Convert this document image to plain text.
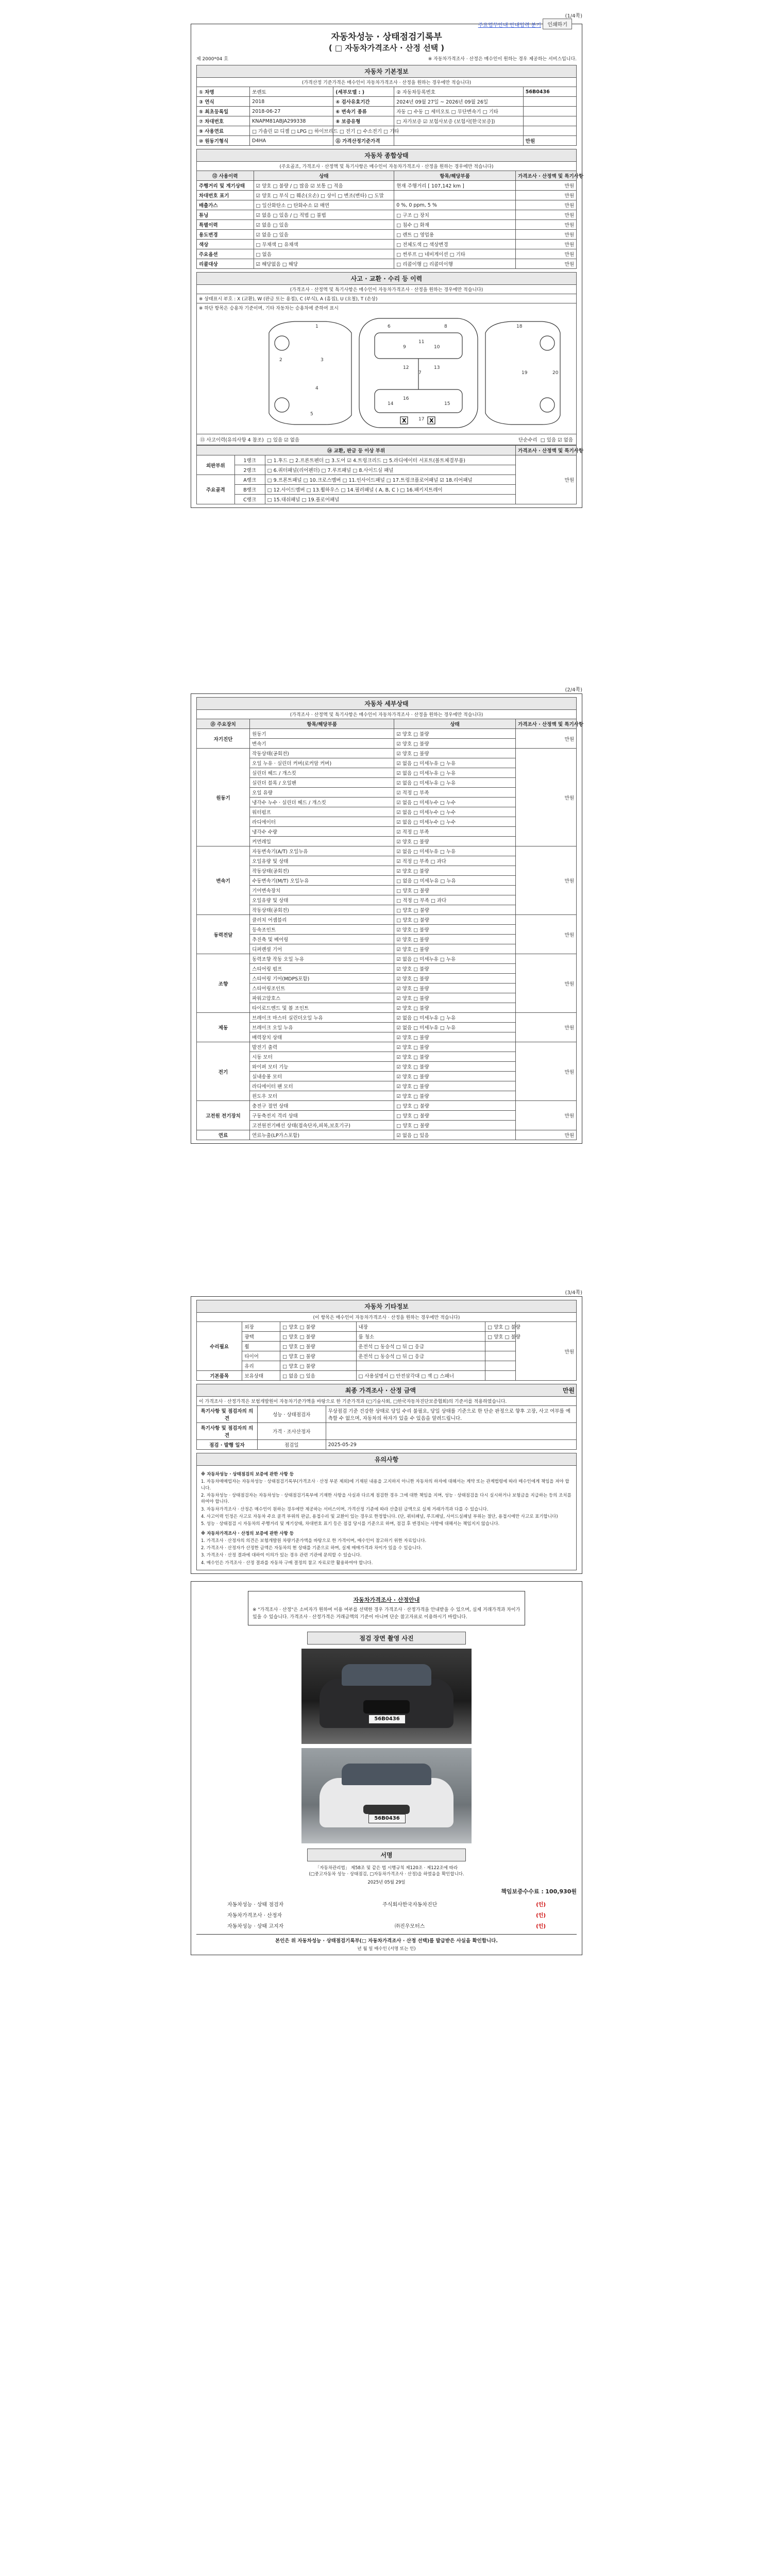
주요업무안내 안내입력 분기	인쇄하기
(1/4쪽)
자동차성능 · 상태점검기록부
( □ 자동차가격조사 · 산정 선택 )
제 2000*04 호	※ 자동차가격조사 · 산정은 매수인이 원하는 경우 제공하는 서비스입니다.
자동차 기본정보
(가격산정 기준가격은 매수인이 자동차가격조사 · 산정을 원하는 경우에만 적습니다)
① 차명	쏘렌토	(세부모델 : )	② 자동차등록번호	56B0436
③ 연식	2018	④ 검사유효기간	2024년 09월 27일 ~ 2026년 09월 26일	
⑤ 최초등록일	2018-06-27	⑥ 변속기 종류	자동 □ 수동 □ 세미오토 □ 무단변속기 □ 기타	
⑦ 차대번호	KNAPM81ABJA299338	⑧ 보증유형	□ 자가보증 ☑ 보험사보증 (보험사[한국보증])	
⑨ 사용연료	□ 가솔린 ☑ 디젤 □ LPG □ 하이브리드 □ 전기 □ 수소전기 □ 기타			
⑩ 원동기형식	D4HA	⑪ 가격산정기준가격		만원
자동차 종합상태
(주요골조, 가격조사 · 산정액 및 특기사항은 매수인이 자동차가격조사 · 산정을 원하는 경우에만 적습니다)
⑫ 사용이력	상태	항목/해당부품	가격조사 · 산정액 및 특기사항
주행거리 및 계기상태	☑ 양호 □ 불량 / □ 많음 ☑ 보통 □ 적음	현재 주행거리 [ 107,142 km ]	만원
차대번호 표기	☑ 양호 □ 부식 □ 훼손(오손) □ 상이 □ 변조(변타) □ 도말		만원
배출가스	□ 일산화탄소 □ 탄화수소 ☑ 매연	0 %, 0 ppm, 5 %	만원
튜닝	☑ 없음 □ 있음 / □ 적법 □ 불법	□ 구조 □ 장치	만원
특별이력	☑ 없음 □ 있음	□ 침수 □ 화재	만원
용도변경	☑ 없음 □ 있음	□ 렌트 □ 영업용	만원
색상	□ 무채색 □ 유채색	□ 전체도색 □ 색상변경	만원
주요옵션	□ 없음	□ 썬루프 □ 네비게이션 □ 기타	만원
리콜대상	☑ 해당없음 □ 해당	□ 리콜이행 □ 리콜미이행	만원
사고 · 교환 · 수리 등 이력
(가격조사 · 산정액 및 특기사항은 매수인이 자동차가격조사 · 산정을 원하는 경우에만 적습니다)
※ 상태표시 부호 : X (교환), W (판금 또는 용접), C (부식), A (흠집), U (요철), T (손상)
※ 하단 항목은 승용차 기준이며, 기타 자동차는 승용차에 준하여 표시
1
2	3
4
5
6
7
8
9	10
11
12	13
14	15
16
17
18
19	20
X	X
⑬ 사고이력(유의사항 4 참조) □ 있음 ☑ 없음	단순수리 □ 있음 ☑ 없음
⑭ 교환, 판금 등 이상 부위			가격조사 · 산정액 및 특기사항
외판부위	1랭크	□ 1.후드 □ 2.프론트펜더 □ 3.도어 ☑ 4.트렁크리드 □ 5.라디에이터 서포트(볼트체결부품)	만원
	2랭크	□ 6.쿼터패널(리어펜더) □ 7.루프패널 □ 8.사이드실 패널	
주요골격	A랭크	□ 9.프론트패널 □ 10.크로스멤버 □ 11.인사이드패널 □ 17.트렁크플로어패널 ☑ 18.리어패널	
	B랭크	□ 12.사이드멤버 □ 13.휠하우스 □ 14.필러패널 ( A, B, C ) □ 16.패키지트레이	
	C랭크	□ 15.대쉬패널 □ 19.플로어패널	
(2/4쪽)
자동차 세부상태
(가격조사 · 산정액 및 특기사항은 매수인이 자동차가격조사 · 산정을 원하는 경우에만 적습니다)
⑮ 주요장치	항목/해당부품	상태	가격조사 · 산정액 및 특기사항
자기진단	원동기	☑ 양호 □ 불량	만원
	변속기	☑ 양호 □ 불량	
원동기	작동상태(공회전)	☑ 양호 □ 불량	만원
	오일 누유 · 실린더 커버(로커암 커버)	☑ 없음 □ 미세누유 □ 누유	
	실린더 헤드 / 개스킷	☑ 없음 □ 미세누유 □ 누유	
	실린더 블록 / 오일팬	☑ 없음 □ 미세누유 □ 누유	
	오일 유량	☑ 적정 □ 부족	
	냉각수 누수 · 실린더 헤드 / 개스킷	☑ 없음 □ 미세누수 □ 누수	
	워터펌프	☑ 없음 □ 미세누수 □ 누수	
	라디에이터	☑ 없음 □ 미세누수 □ 누수	
	냉각수 수량	☑ 적정 □ 부족	
	커먼레일	☑ 양호 □ 불량	
변속기	자동변속기(A/T) 오일누유	☑ 없음 □ 미세누유 □ 누유	만원
	오일유량 및 상태	☑ 적정 □ 부족 □ 과다	
	작동상태(공회전)	☑ 양호 □ 불량	
	수동변속기(M/T) 오일누유	□ 없음 □ 미세누유 □ 누유	
	기어변속장치	□ 양호 □ 불량	
	오일유량 및 상태	□ 적정 □ 부족 □ 과다	
	작동상태(공회전)	□ 양호 □ 불량	
동력전달	클러치 어셈블리	□ 양호 □ 불량	만원
	등속조인트	☑ 양호 □ 불량	
	추진축 및 베어링	☑ 양호 □ 불량	
	디퍼렌셜 기어	☑ 양호 □ 불량	
조향	동력조향 작동 오일 누유	☑ 없음 □ 미세누유 □ 누유	만원
	스티어링 펌프	☑ 양호 □ 불량	
	스티어링 기어(MDPS포함)	☑ 양호 □ 불량	
	스티어링조인트	☑ 양호 □ 불량	
	파워고압호스	☑ 양호 □ 불량	
	타이로드엔드 및 볼 조인트	☑ 양호 □ 불량	
제동	브레이크 마스터 실린더오일 누유	☑ 없음 □ 미세누유 □ 누유	만원
	브레이크 오일 누유	☑ 없음 □ 미세누유 □ 누유	
	배력장치 상태	☑ 양호 □ 불량	
전기	발전기 출력	☑ 양호 □ 불량	만원
	시동 모터	☑ 양호 □ 불량	
	와이퍼 모터 기능	☑ 양호 □ 불량	
	실내송풍 모터	☑ 양호 □ 불량	
	라디에이터 팬 모터	☑ 양호 □ 불량	
	윈도우 모터	☑ 양호 □ 불량	
고전원 전기장치	충전구 절연 상태	□ 양호 □ 불량	만원
	구동축전지 격리 상태	□ 양호 □ 불량	
	고전원전기배선 상태(접속단자,피복,보호기구)	□ 양호 □ 불량	
연료	연료누출(LP가스포함)	☑ 없음 □ 있음	만원
(3/4쪽)
자동차 기타정보
(이 항목은 매수인이 자동차가격조사 · 산정을 원하는 경우에만 적습니다)
수리필요	외장	□ 양호 □ 불량	내장	□ 양호 □ 불량	만원
	광택	□ 양호 □ 불량	룸 청소	□ 양호 □ 불량	
	휠	□ 양호 □ 불량	운전석 □ 동승석 □ 뒤 □ 응급		
	타이어	□ 양호 □ 불량	운전석 □ 동승석 □ 뒤 □ 응급		
	유리	□ 양호 □ 불량			
기본품목	보유상태	□ 없음 □ 있음	□ 사용설명서 □ 안전삼각대 □ 잭 □ 스패너		
최종 가격조사 · 산정 금액	만원
이 가격조사 · 산정가격은 보험개발원이 자동차기준가액을 바탕으로 한 기준가격과 (□기술사회, □한국자동차진단보증협회)의 기준서를 적용하였습니다.
특기사항 및 점검자의 의견	성능 · 상태점검자	무상점검 기준 건강한 상태로 당일 수리 불필요, 당일 상태를 기준으로 한 단순 판정으로 향후 고장, 사고 여부를 예측할 수 없으며, 자동차의 하자가 있을 수 있음을 알려드립니다.
특기사항 및 점검자의 의견	가격 · 조사산정자	
점검 · 발행 일자	점검일	2025-05-29
유의사항

※ 자동차성능 · 상태점검의 보증에 관한 사항 등

1. 자동차매매업자는 자동차성능 · 상태점검기록부(가격조사 · 산정 부분 제외)에 기재된 내용을 고지하지 아니한 자동차의 하자에 대해서는 계약 또는 관계법령에 따라 매수인에게 책임을 져야 합니다.

2. 자동차성능 · 상태점검자는 자동차성능 · 상태점검기록부에 기재한 사항을 사실과 다르게 점검한 경우 그에 대한 책임을 지며, 성능 · 상태점검을 다시 실시하거나 보험금을 지급하는 등의 조치를 하여야 합니다.

3. 자동차가격조사 · 산정은 매수인이 원하는 경우에만 제공하는 서비스이며, 가격산정 기준에 따라 산출된 금액으로 실제 거래가격과 다를 수 있습니다.

4. 사고이력 인정은 사고로 자동차 주요 골격 부위의 판금, 용접수리 및 교환이 있는 경우로 한정합니다. (단, 쿼터패널, 루프패널, 사이드실패널 부위는 절단, 용접시에만 사고로 표기합니다)

5. 성능 · 상태점검 시 자동차의 주행거리 및 계기상태, 차대번호 표기 등은 점검 당시를 기준으로 하며, 점검 후 변경되는 사항에 대해서는 책임지지 않습니다.

※ 자동차가격조사 · 산정의 보증에 관한 사항 등

1. 가격조사 · 산정자의 의견은 보험개발원 차량기준가액을 바탕으로 한 가격이며, 매수인이 참고하기 위한 자료입니다.

2. 가격조사 · 산정자가 산정한 금액은 자동차의 현 상태를 기준으로 하며, 실제 매매가격과 차이가 있을 수 있습니다.

3. 가격조사 · 산정 결과에 대하여 이의가 있는 경우 관련 기관에 문의할 수 있습니다.

4. 매수인은 가격조사 · 산정 결과를 자동차 구매 결정의 참고 자료로만 활용하여야 합니다.

자동차가격조사 · 산정안내
※ "가격조사 · 산정"은 소비자가 원하여 이용 여부를 선택한 경우 가격조사 · 산정가격을 안내받을 수 있으며, 실제 거래가격과 차이가 있을 수 있습니다. 가격조사 · 산정가격은 거래금액의 기준이 아니며 단순 참고자료로 이용하시기 바랍니다.
점검 장면 촬영 사진
56B0436
56B0436
서명
「자동차관리법」 제58조 및 같은 법 시행규칙 제120조 · 제122조에 따라
(□중고자동차 성능 · 상태점검, □자동차가격조사 · 산정)을 하였음을 확인합니다.
2025년 05월 29일
책임보증수수료 : 100,930원
자동차성능 · 상태 점검자	주식회사한국자동차진단	(인)
자동차가격조사 · 산정자	(인)
자동차성능 · 상태 고지자	㈜진우모터스	(인)
본인은 위 자동차성능 · 상태점검기록부(□ 자동차가격조사 · 산정 선택)를 발급받은 사실을 확인합니다.
년 월 일 매수인 (서명 또는 인)
